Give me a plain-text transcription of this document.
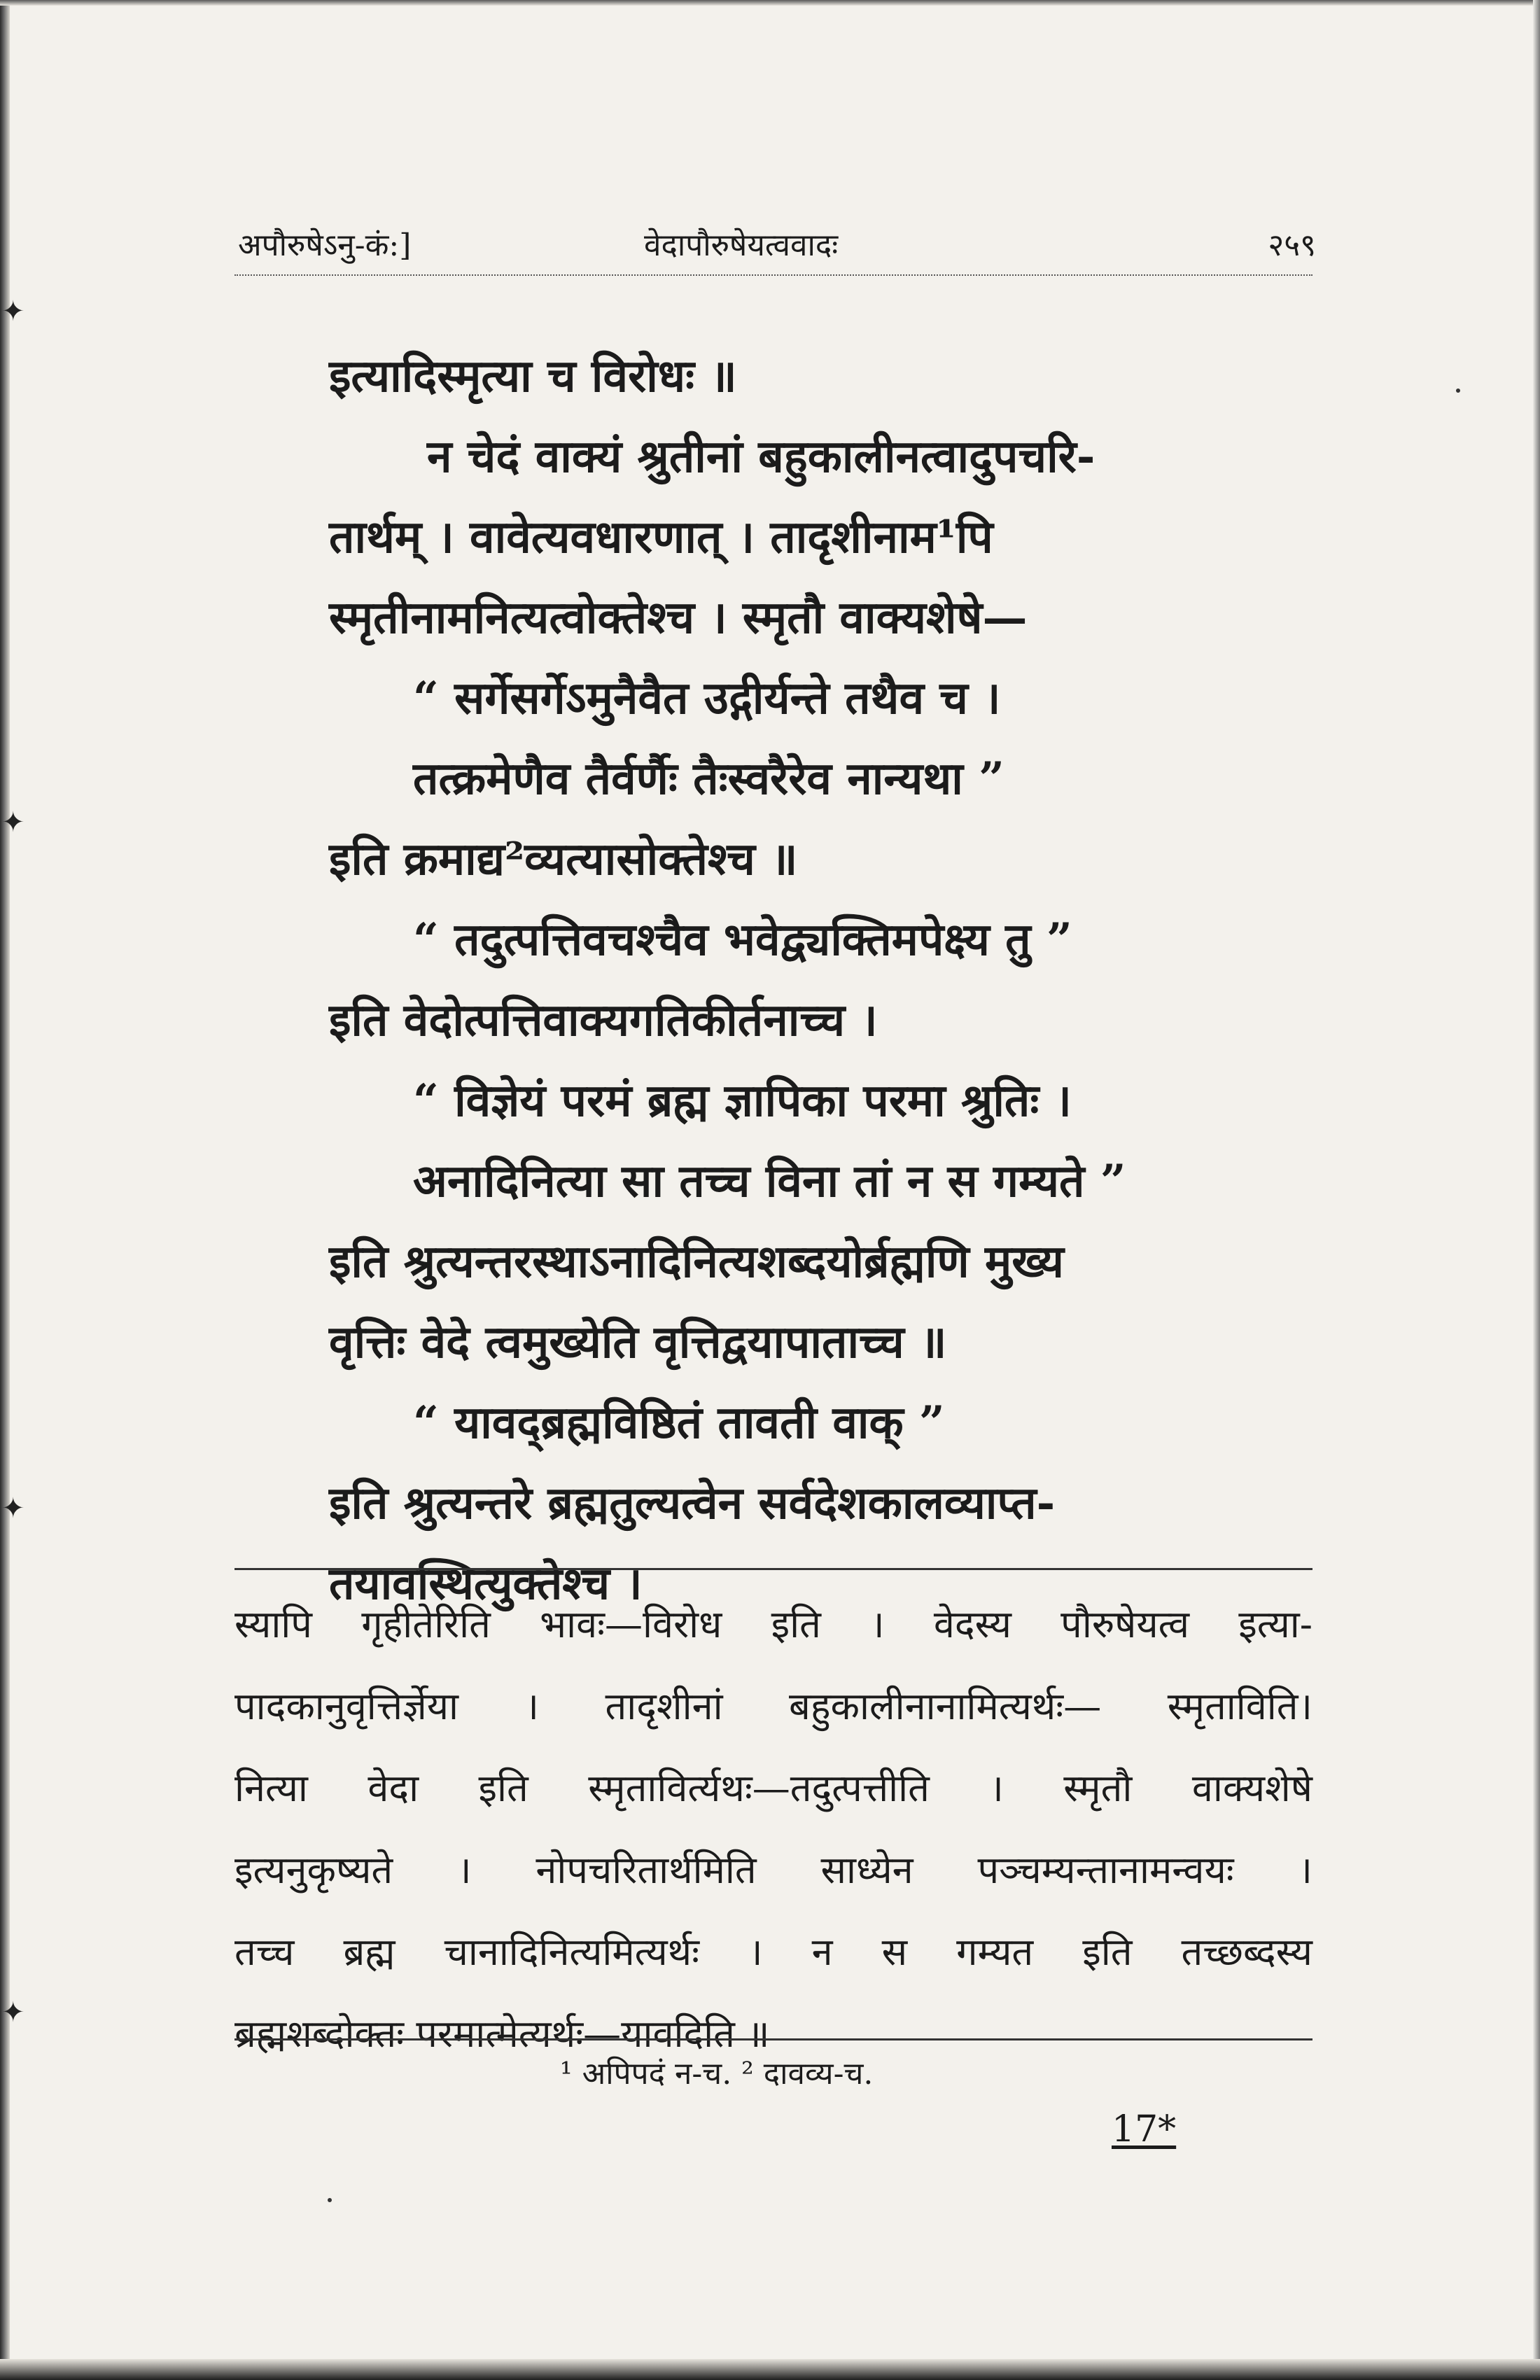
✦
✦
✦
✦
अपौरुषेऽनु-कं:]	वेदापौरुषेयत्ववादः	२५९
इत्यादिस्मृत्या च विरोधः ॥
न चेदं वाक्यं श्रुतीनां बहुकालीनत्वादुपचरि-
तार्थम् । वावेत्यवधारणात् । तादृशीनाम¹पि
स्मृतीनामनित्यत्वोक्तेश्च । स्मृतौ वाक्यशेषे—
“ सर्गेसर्गेऽमुनैवैत उद्गीर्यन्ते तथैव च ।
तत्क्रमेणैव तैर्वर्णैः तैःस्वरैरेव नान्यथा ”
इति क्रमाद्य²व्यत्यासोक्तेश्च ॥
“ तदुत्पत्तिवचश्चैव भवेद्व्यक्तिमपेक्ष्य तु ”
इति वेदोत्पत्तिवाक्यगतिकीर्तनाच्च ।
“ विज्ञेयं परमं ब्रह्म ज्ञापिका परमा श्रुतिः ।
अनादिनित्या सा तच्च विना तां न स गम्यते ”
इति श्रुत्यन्तरस्थाऽनादिनित्यशब्दयोर्ब्रह्मणि मुख्य
वृत्तिः वेदे त्वमुख्येति वृत्तिद्वयापाताच्च ॥
“ यावद्ब्रह्मविष्ठितं तावती वाक् ”
इति श्रुत्यन्तरे ब्रह्मतुल्यत्वेन सर्वदेशकालव्याप्त-
तयावस्थित्युक्तेश्च ।
स्यापि गृहीतेरिति भावः—विरोध इति । वेदस्य पौरुषेयत्व इत्या-
पादकानुवृत्तिर्ज्ञेया । तादृशीनां बहुकालीनानामित्यर्थः— स्मृताविति।
नित्या वेदा इति स्मृताविर्त्यथः—तदुत्पत्तीति । स्मृतौ वाक्यशेषे
इत्यनुकृष्यते । नोपचरितार्थमिति साध्येन पञ्चम्यन्तानामन्वयः ।
तच्च ब्रह्म चानादिनित्यमित्यर्थः । न स गम्यत इति तच्छब्दस्य
ब्रह्मशब्दोक्तः परमात्मेत्यर्थः—यावदिति ॥
¹ अपिपदं न-च. ² दावव्य-च.
17*
